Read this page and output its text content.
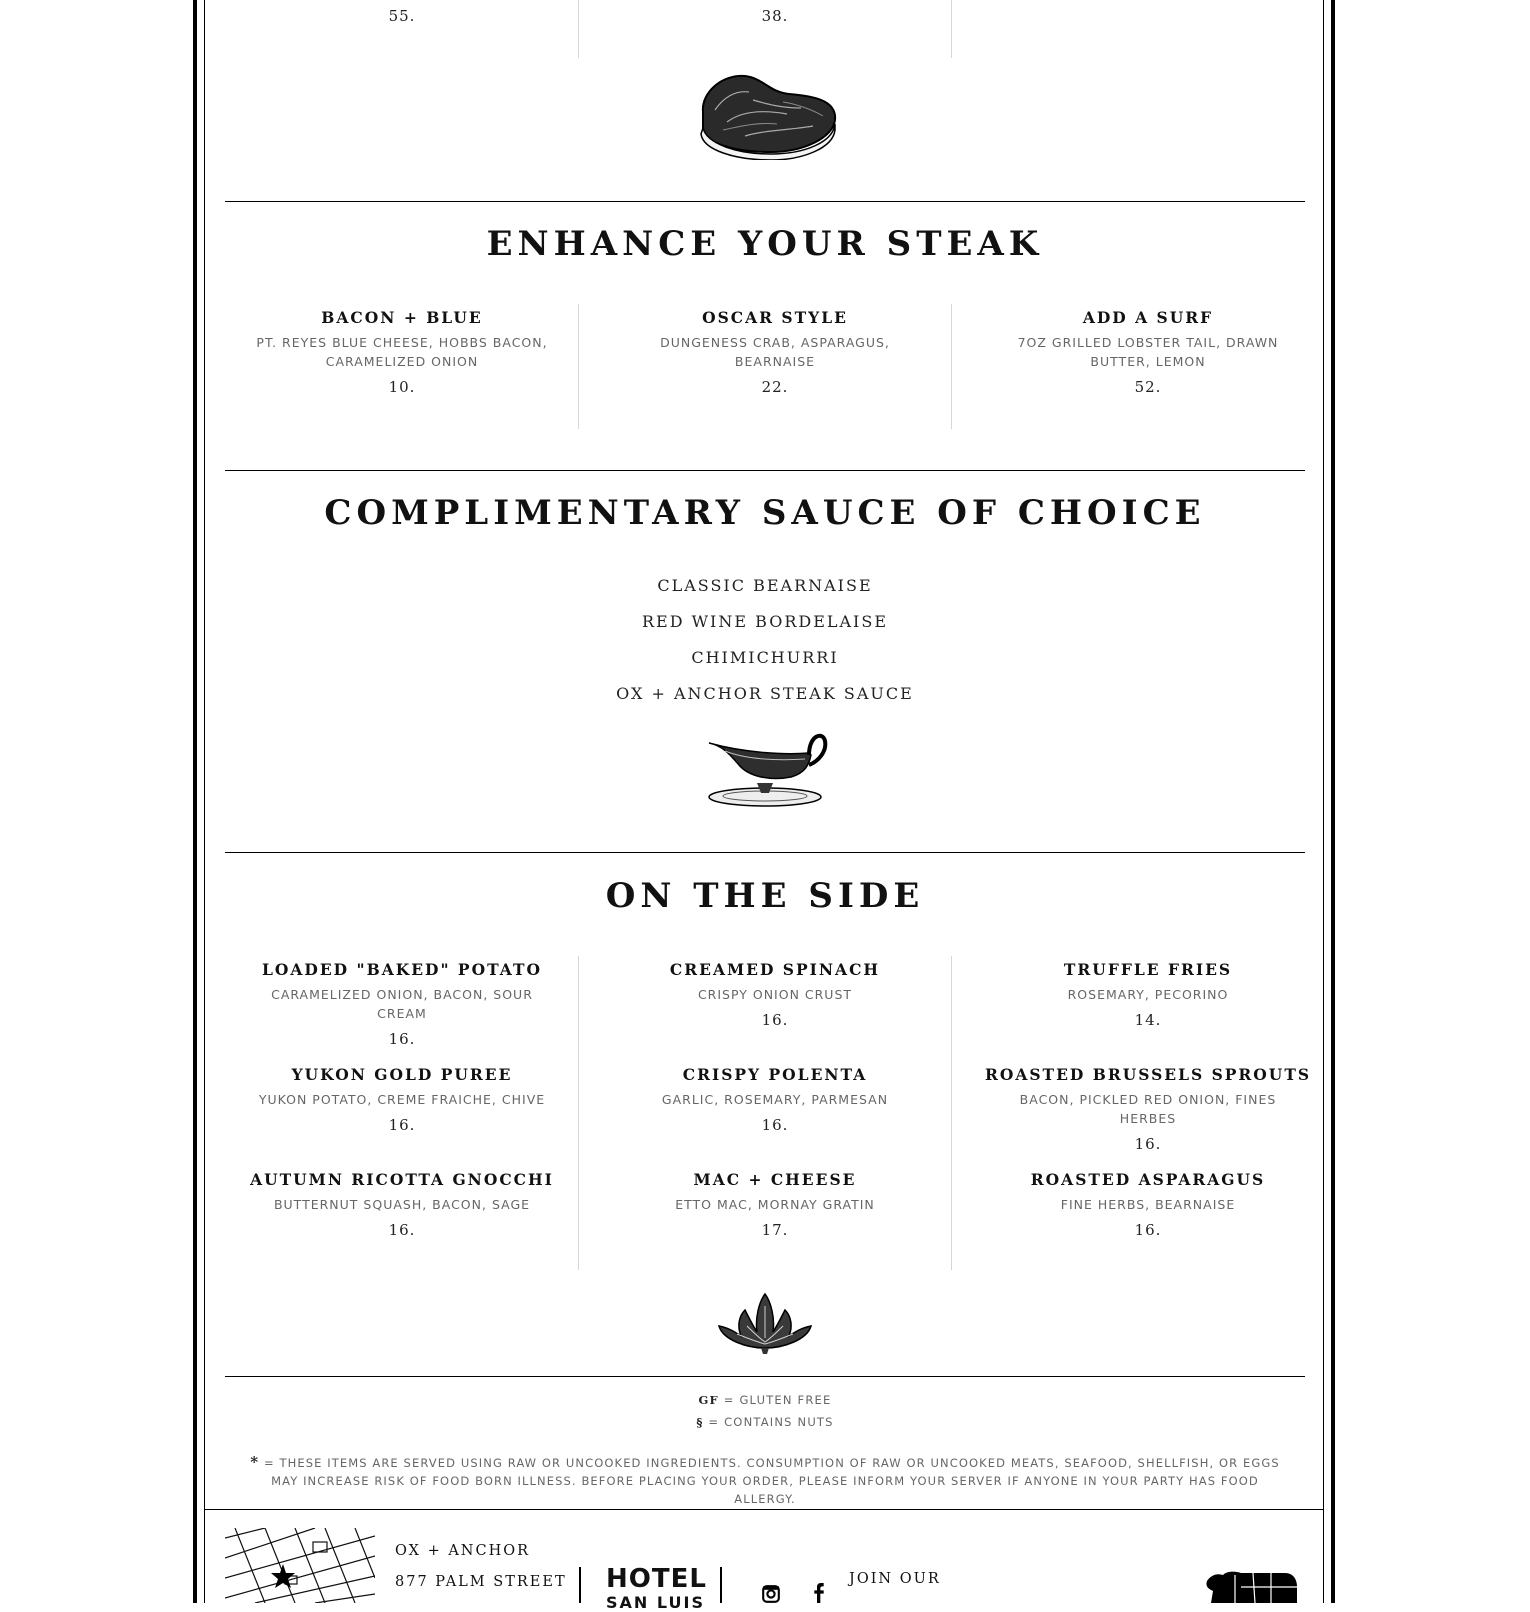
55.	38.
ENHANCE YOUR STEAK
BACON + BLUE
PT. REYES BLUE CHEESE, HOBBS BACON, CARAMELIZED ONION
10.
OSCAR STYLE
DUNGENESS CRAB, ASPARAGUS, BEARNAISE
22.
ADD A SURF
7OZ GRILLED LOBSTER TAIL, DRAWN BUTTER, LEMON
52.
COMPLIMENTARY SAUCE OF CHOICE
CLASSIC BEARNAISE
RED WINE BORDELAISE
CHIMICHURRI
OX + ANCHOR STEAK SAUCE
ON THE SIDE
LOADED "BAKED" POTATO
CARAMELIZED ONION, BACON, SOUR CREAM
16.
CREAMED SPINACH
CRISPY ONION CRUST
16.
TRUFFLE FRIES
ROSEMARY, PECORINO
14.
YUKON GOLD PUREE
YUKON POTATO, CREME FRAICHE, CHIVE
16.
CRISPY POLENTA
GARLIC, ROSEMARY, PARMESAN
16.
ROASTED BRUSSELS SPROUTS
BACON, PICKLED RED ONION, FINES HERBES
16.
AUTUMN RICOTTA GNOCCHI
BUTTERNUT SQUASH, BACON, SAGE
16.
MAC + CHEESE
ETTO MAC, MORNAY GRATIN
17.
ROASTED ASPARAGUS
FINE HERBS, BEARNAISE
16.
GF = GLUTEN FREE
§ = CONTAINS NUTS
* = THESE ITEMS ARE SERVED USING RAW OR UNCOOKED INGREDIENTS. CONSUMPTION OF RAW OR UNCOOKED MEATS, SEAFOOD, SHELLFISH, OR EGGS MAY INCREASE RISK OF FOOD BORN ILLNESS. BEFORE PLACING YOUR ORDER, PLEASE INFORM YOUR SERVER IF ANYONE IN YOUR PARTY HAS FOOD ALLERGY.
OX + ANCHOR
877 PALM STREET HOTEL
SAN LUIS
JOIN OUR
